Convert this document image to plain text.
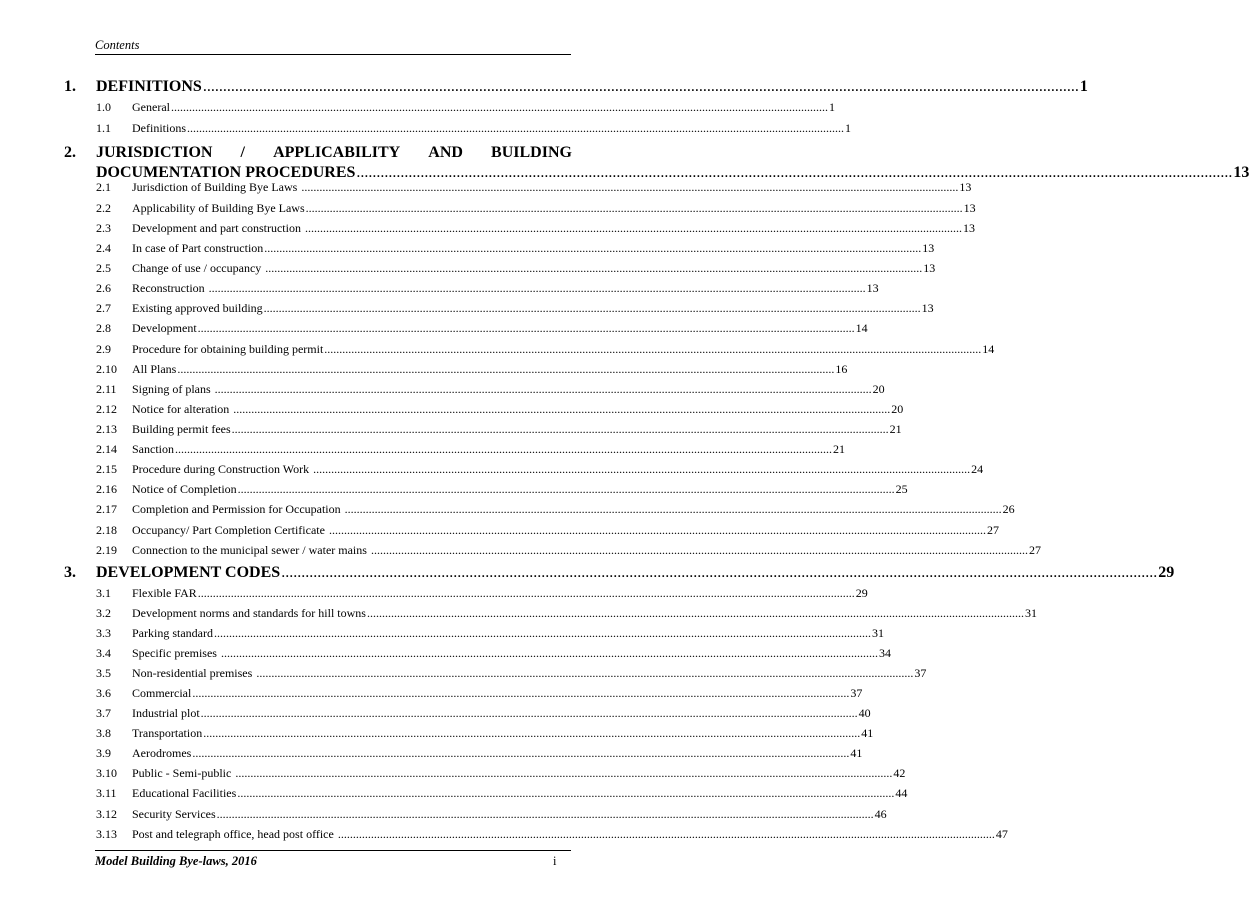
Contents
1. DEFINITIONS ........................................................................................................................................................................................................................... 1
2. JURISDICTION / APPLICABILITY AND BUILDING
DOCUMENTATION PROCEDURES ........................................................................................................................................................................................................................... 13
3. DEVELOPMENT CODES ........................................................................................................................................................................................................................... 29
1.0 General ........................................................................................................................................................................................................................... 1
1.1 Definitions ........................................................................................................................................................................................................................... 1
2.1 Jurisdiction of Building Bye Laws ........................................................................................................................................................................................................................... 13
2.2 Applicability of Building Bye Laws ........................................................................................................................................................................................................................... 13
2.3 Development and part construction ........................................................................................................................................................................................................................... 13
2.4 In case of Part construction ........................................................................................................................................................................................................................... 13
2.5 Change of use / occupancy ........................................................................................................................................................................................................................... 13
2.6 Reconstruction ........................................................................................................................................................................................................................... 13
2.7 Existing approved building ........................................................................................................................................................................................................................... 13
2.8 Development ........................................................................................................................................................................................................................... 14
2.9 Procedure for obtaining building permit ........................................................................................................................................................................................................................... 14
2.10 All Plans ........................................................................................................................................................................................................................... 16
2.11 Signing of plans ........................................................................................................................................................................................................................... 20
2.12 Notice for alteration ........................................................................................................................................................................................................................... 20
2.13 Building permit fees ........................................................................................................................................................................................................................... 21
2.14 Sanction ........................................................................................................................................................................................................................... 21
2.15 Procedure during Construction Work ........................................................................................................................................................................................................................... 24
2.16 Notice of Completion ........................................................................................................................................................................................................................... 25
2.17 Completion and Permission for Occupation ........................................................................................................................................................................................................................... 26
2.18 Occupancy/ Part Completion Certificate ........................................................................................................................................................................................................................... 27
2.19 Connection to the municipal sewer / water mains ........................................................................................................................................................................................................................... 27
3.1 Flexible FAR ........................................................................................................................................................................................................................... 29
3.2 Development norms and standards for hill towns ........................................................................................................................................................................................................................... 31
3.3 Parking standard ........................................................................................................................................................................................................................... 31
3.4 Specific premises ........................................................................................................................................................................................................................... 34
3.5 Non-residential premises ........................................................................................................................................................................................................................... 37
3.6 Commercial ........................................................................................................................................................................................................................... 37
3.7 Industrial plot ........................................................................................................................................................................................................................... 40
3.8 Transportation ........................................................................................................................................................................................................................... 41
3.9 Aerodromes ........................................................................................................................................................................................................................... 41
3.10 Public - Semi-public ........................................................................................................................................................................................................................... 42
3.11 Educational Facilities ........................................................................................................................................................................................................................... 44
3.12 Security Services ........................................................................................................................................................................................................................... 46
3.13 Post and telegraph office, head post office ........................................................................................................................................................................................................................... 47
Model Building Bye-laws, 2016	i
